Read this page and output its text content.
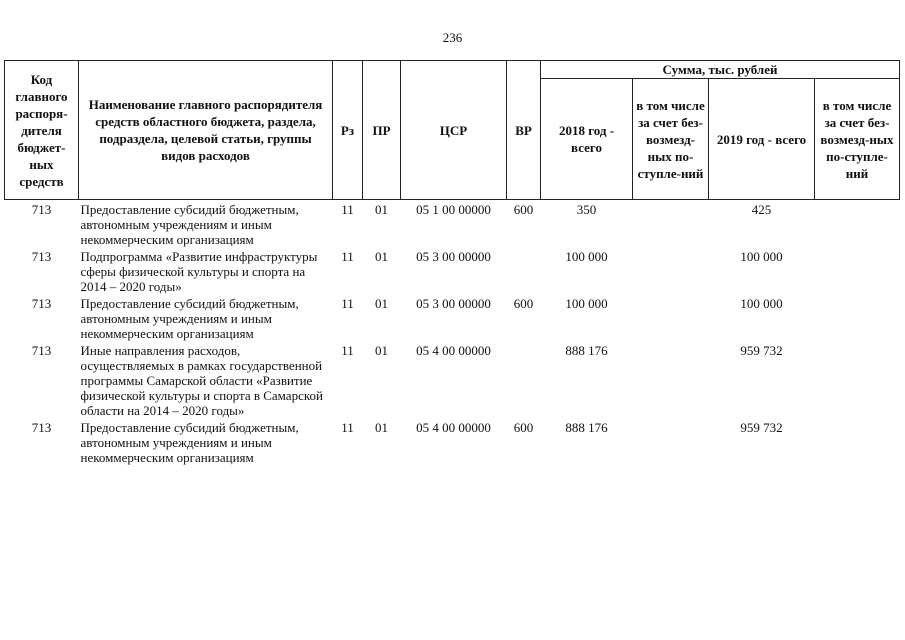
236
Код главного распоря-дителя бюджет-ных средств	Наименование главного распорядителя средств областного бюджета, раздела, подраздела, целевой статьи, группы видов расходов	Рз	ПР	ЦСР	ВР	Сумма, тыс. рублей			
						2018 год - всего	в том числе за счет без-возмезд-ных по-ступле-ний	2019 год - всего	в том числе за счет без-возмезд-ных по-ступле-ний
713	Предоставление субсидий бюджетным, автономным учреждениям и иным некоммерческим организациям	11	01	05 1 00 00000	600	350		425	
713	Подпрограмма «Развитие инфраструктуры сферы физической культуры и спорта на 2014 – 2020 годы»	11	01	05 3 00 00000		100 000		100 000	
713	Предоставление субсидий бюджетным, автономным учреждениям и иным некоммерческим организациям	11	01	05 3 00 00000	600	100 000		100 000	
713	Иные направления расходов, осуществляемых в рамках государственной программы Самарской области «Развитие физической культуры и спорта в Самарской области на 2014 – 2020 годы»	11	01	05 4 00 00000		888 176		959 732	
713	Предоставление субсидий бюджетным, автономным учреждениям и иным некоммерческим организациям	11	01	05 4 00 00000	600	888 176		959 732	
